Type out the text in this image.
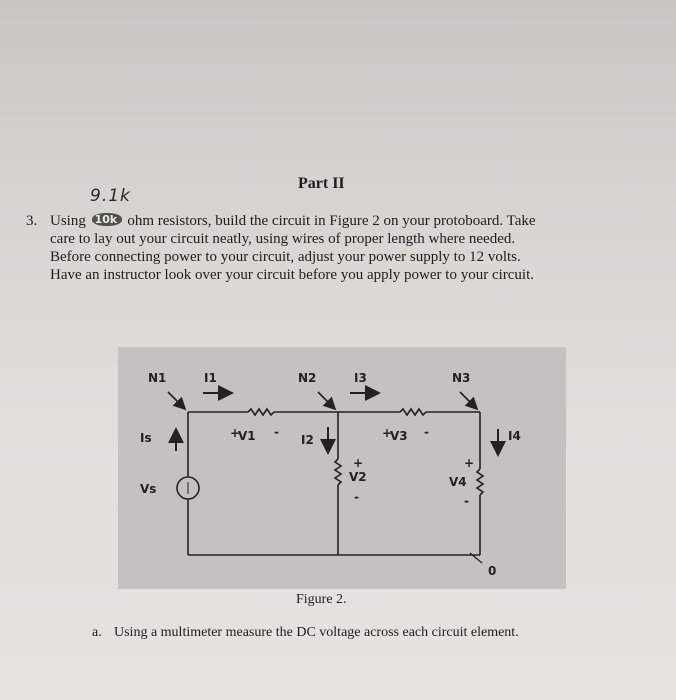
Part II
9.1k
3. Using 10k ohm resistors, build the circuit in Figure 2 on your protoboard. Take
care to lay out your circuit neatly, using wires of proper length where needed.
Before connecting power to your circuit, adjust your power supply to 12 volts.
Have an instructor look over your circuit before you apply power to your circuit.
N1	I1	N2	I3	N3
Is
Vs
+
V1 -
I2
+
V2
-
+
V3 -
+
V4
-
I4
0

Figure 2.

a. Using a multimeter measure the DC voltage across each circuit element.
